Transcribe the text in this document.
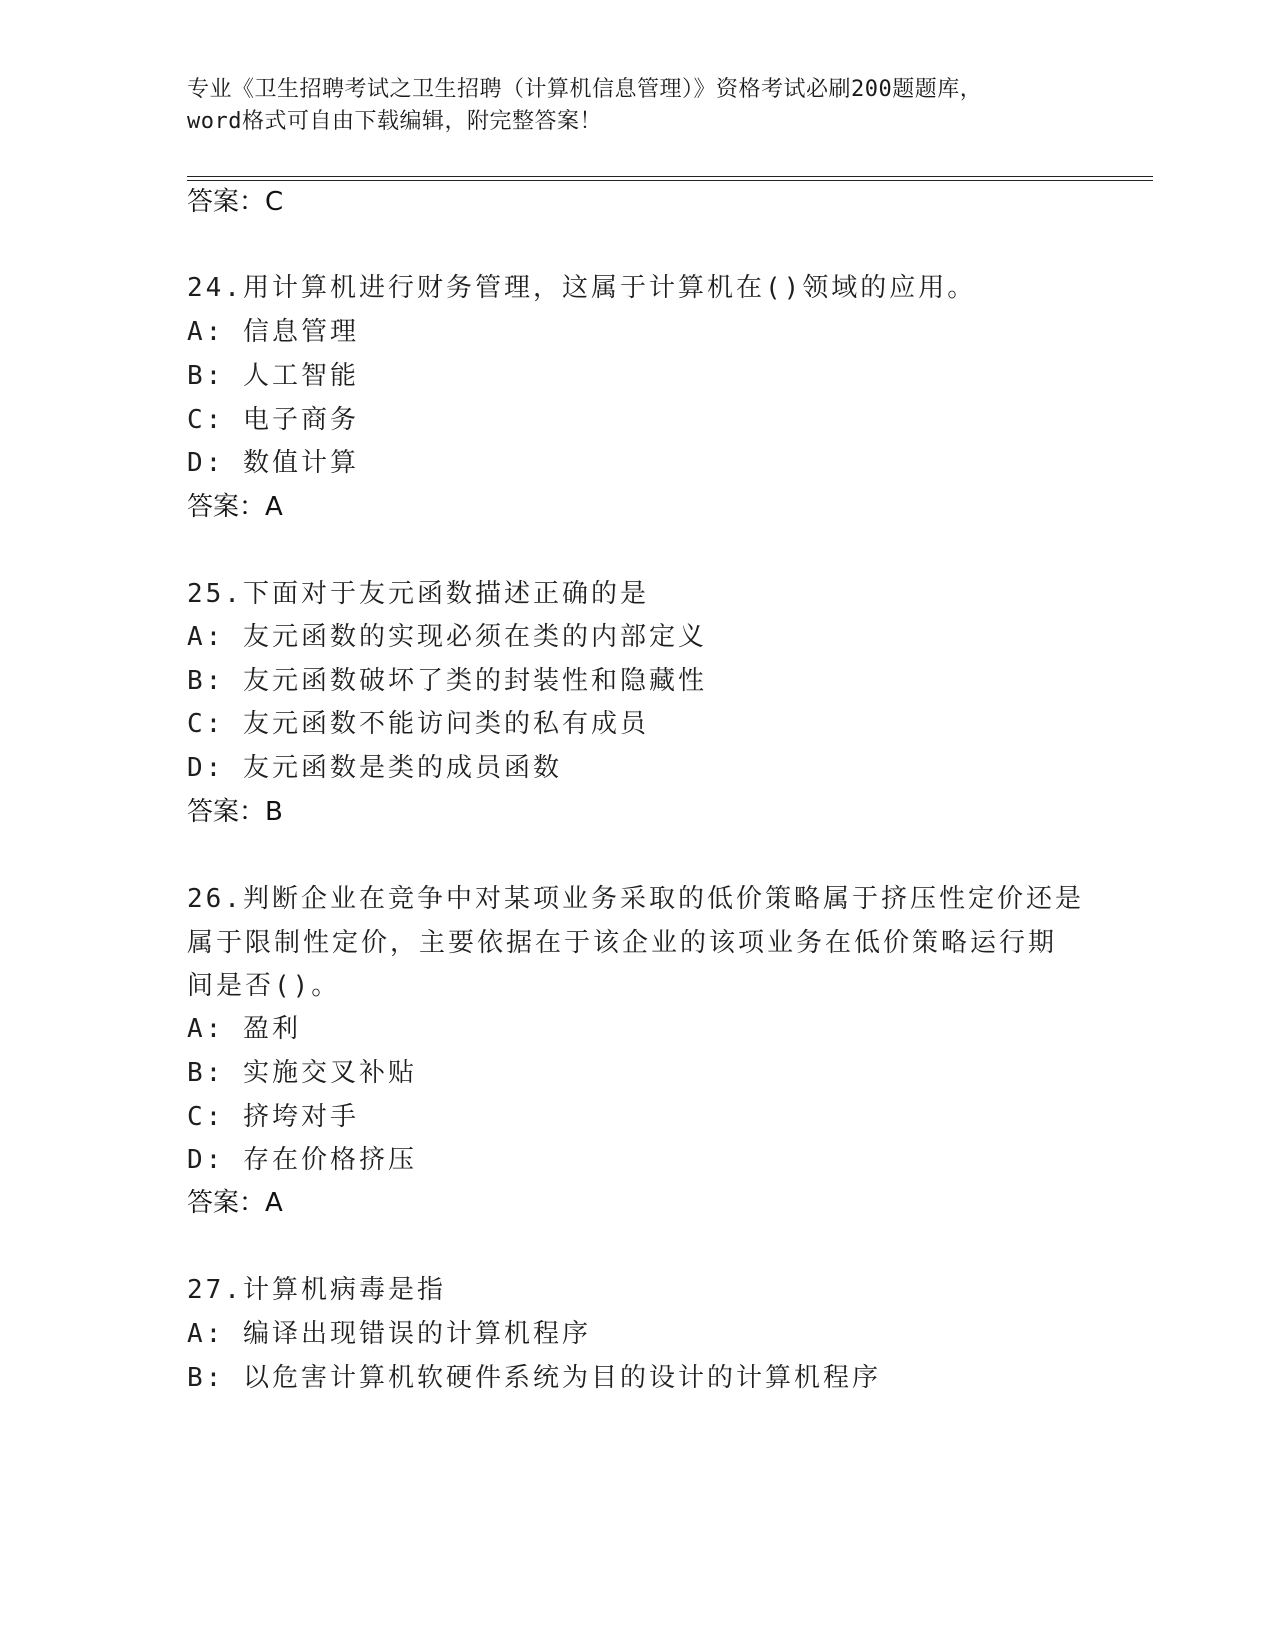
专业《卫生招聘考试之卫生招聘（计算机信息管理）》资格考试必刷200题题库，
word格式可自由下载编辑，附完整答案！
答案：C
24.用计算机进行财务管理，这属于计算机在()领域的应用。
A: 信息管理
B: 人工智能
C: 电子商务
D: 数值计算
答案：A
25.下面对于友元函数描述正确的是
A: 友元函数的实现必须在类的内部定义
B: 友元函数破坏了类的封装性和隐藏性
C: 友元函数不能访问类的私有成员
D: 友元函数是类的成员函数
答案：B
26.判断企业在竞争中对某项业务采取的低价策略属于挤压性定价还是
属于限制性定价，主要依据在于该企业的该项业务在低价策略运行期
间是否()。
A: 盈利
B: 实施交叉补贴
C: 挤垮对手
D: 存在价格挤压
答案：A
27.计算机病毒是指
A: 编译出现错误的计算机程序
B: 以危害计算机软硬件系统为目的设计的计算机程序
